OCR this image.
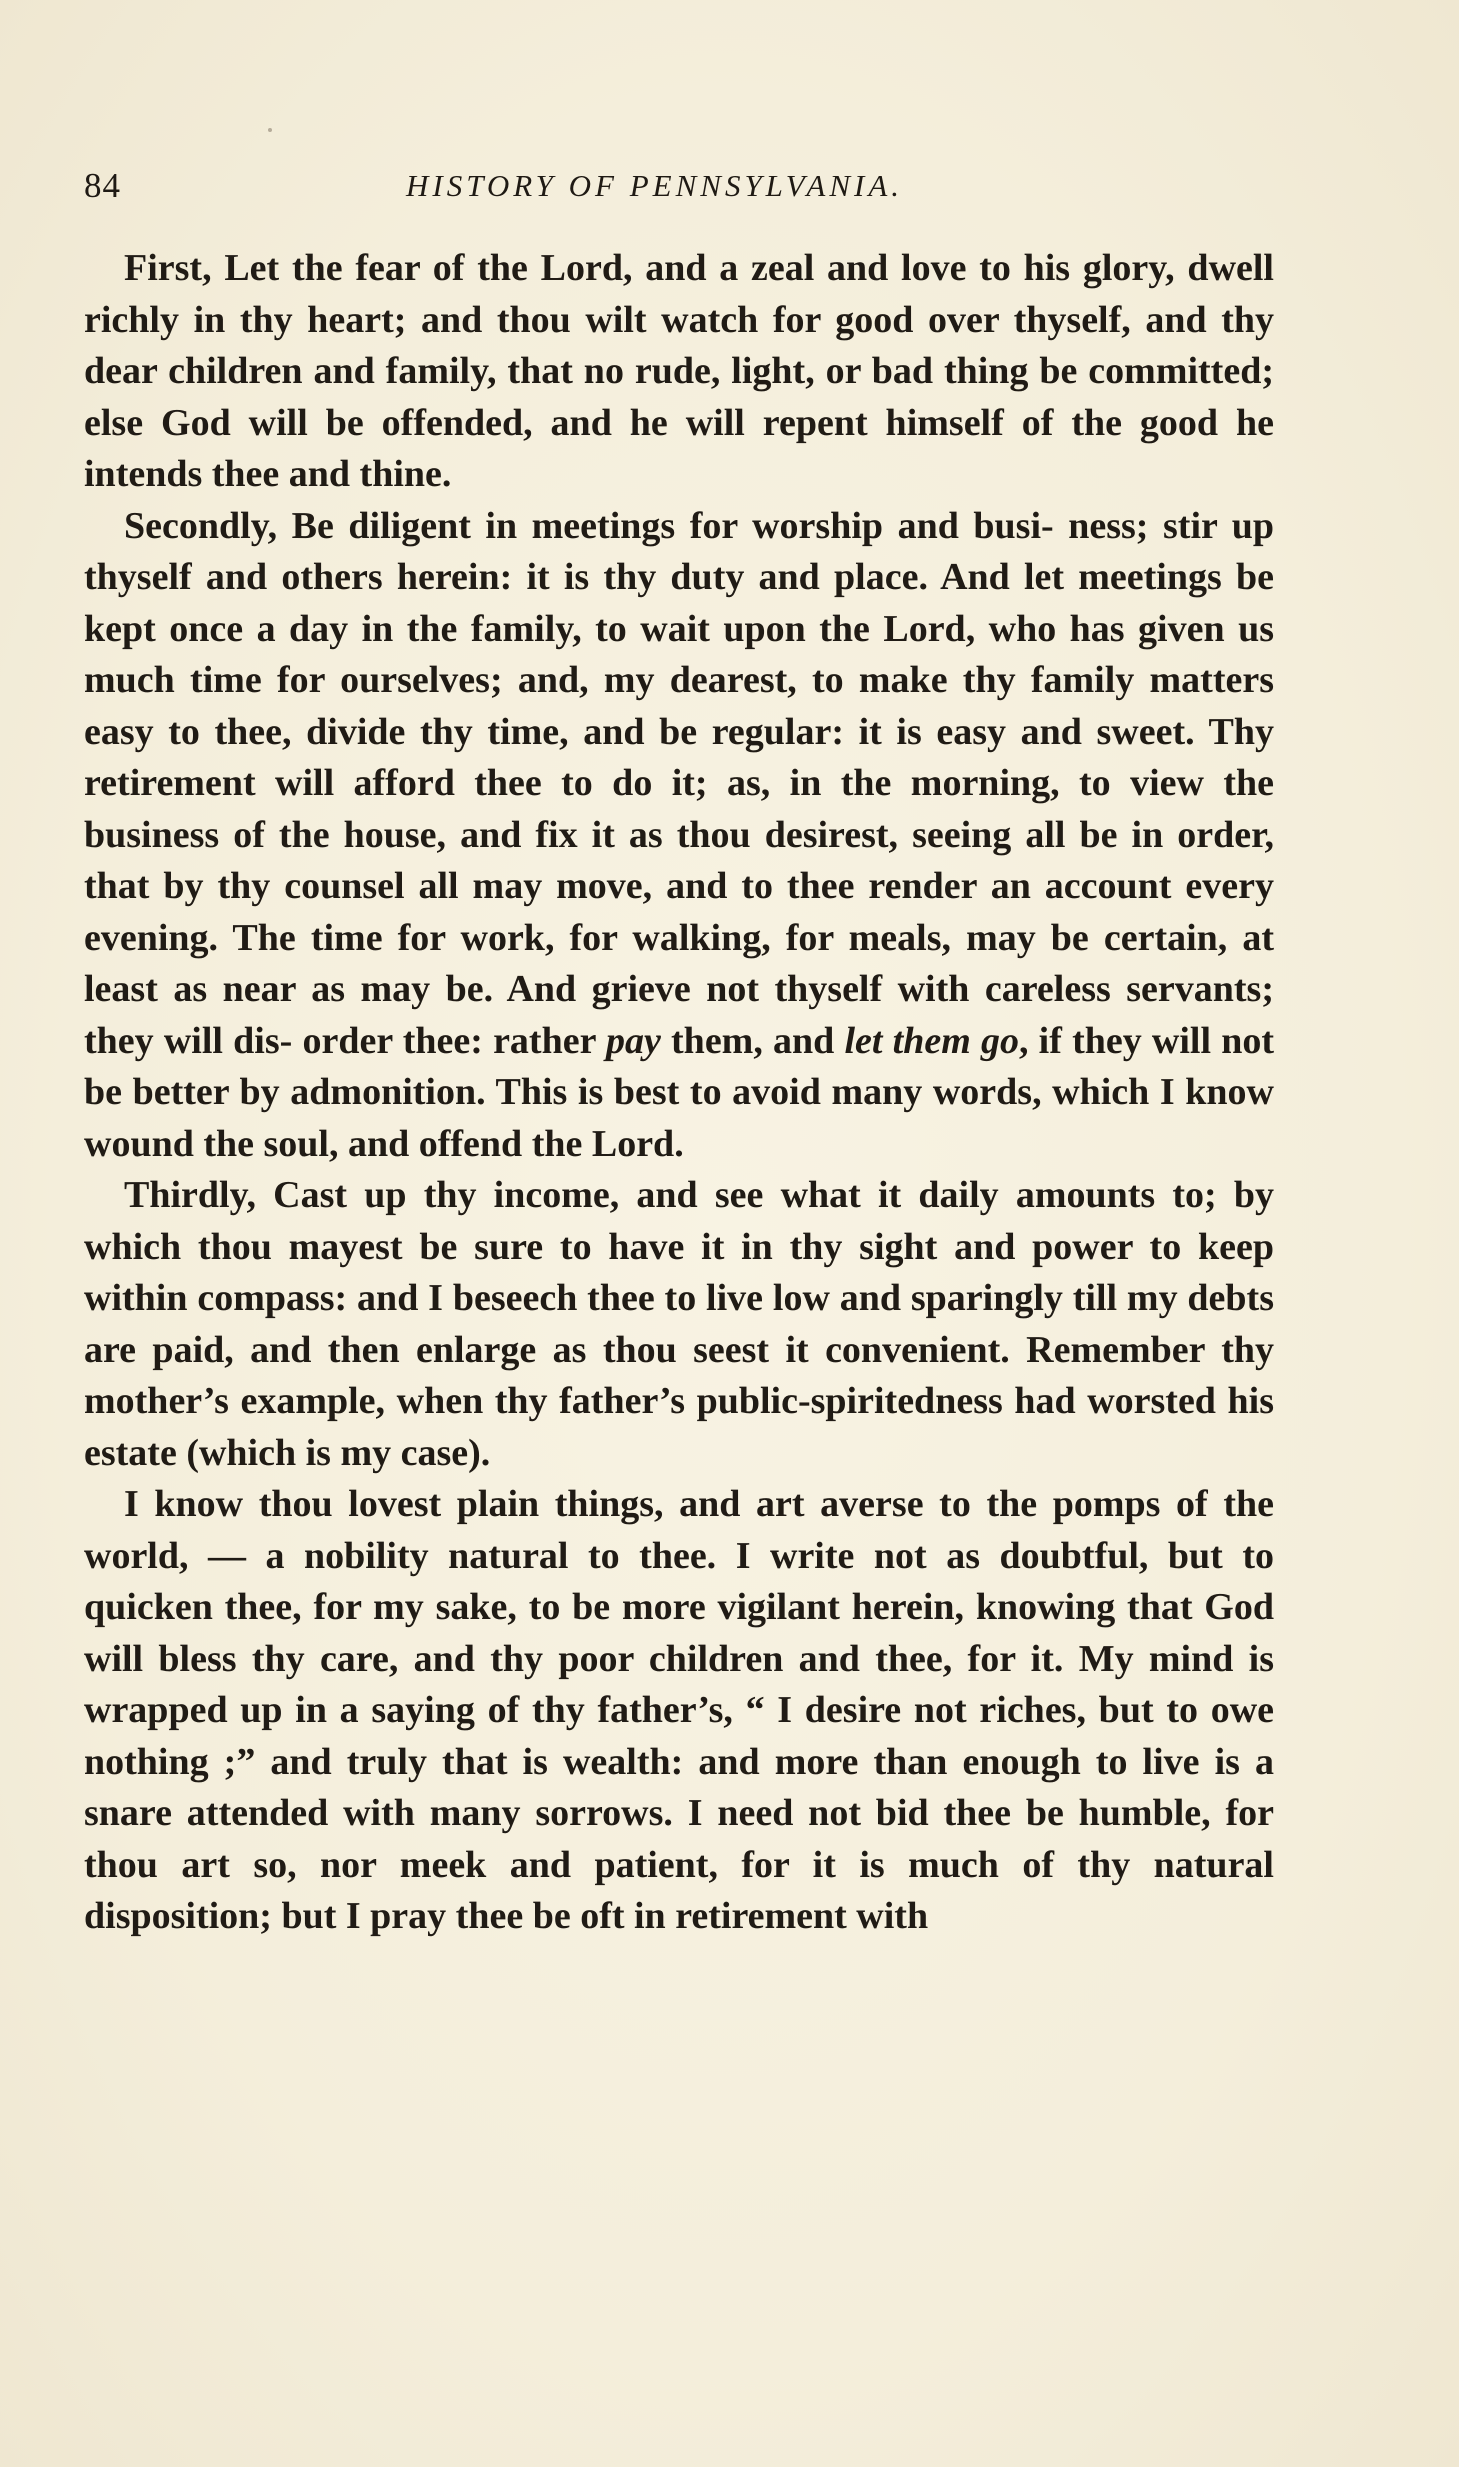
84	HISTORY OF PENNSYLVANIA.

First, Let the fear of the Lord, and a zeal and love to his glory, dwell richly in thy heart; and thou wilt watch for good over thyself, and thy dear children and family, that no rude, light, or bad thing be committed; else God will be offended, and he will repent himself of the good he intends thee and thine.

Secondly, Be diligent in meetings for worship and busi- ness; stir up thyself and others herein: it is thy duty and place. And let meetings be kept once a day in the family, to wait upon the Lord, who has given us much time for ourselves; and, my dearest, to make thy family matters easy to thee, divide thy time, and be regular: it is easy and sweet. Thy retirement will afford thee to do it; as, in the morning, to view the business of the house, and fix it as thou desirest, seeing all be in order, that by thy counsel all may move, and to thee render an account every evening. The time for work, for walking, for meals, may be certain, at least as near as may be. And grieve not thyself with careless servants; they will dis- order thee: rather pay them, and let them go, if they will not be better by admonition. This is best to avoid many words, which I know wound the soul, and offend the Lord.

Thirdly, Cast up thy income, and see what it daily amounts to; by which thou mayest be sure to have it in thy sight and power to keep within compass: and I beseech thee to live low and sparingly till my debts are paid, and then enlarge as thou seest it convenient. Remember thy mother’s example, when thy father’s public-spiritedness had worsted his estate (which is my case).

I know thou lovest plain things, and art averse to the pomps of the world, — a nobility natural to thee. I write not as doubtful, but to quicken thee, for my sake, to be more vigilant herein, knowing that God will bless thy care, and thy poor children and thee, for it. My mind is wrapped up in a saying of thy father’s, “ I desire not riches, but to owe nothing ;” and truly that is wealth: and more than enough to live is a snare attended with many sorrows. I need not bid thee be humble, for thou art so, nor meek and patient, for it is much of thy natural disposition; but I pray thee be oft in retirement with
